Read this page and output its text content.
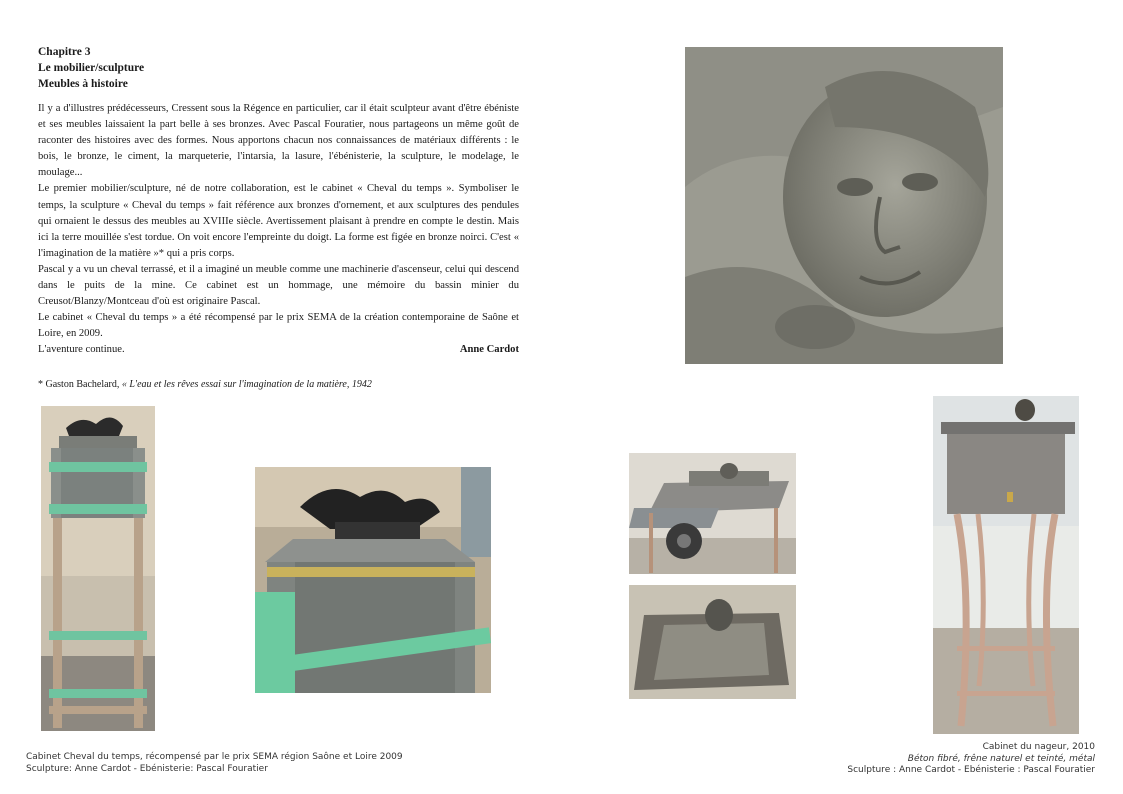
Chapitre 3
Le mobilier/sculpture
Meubles à histoire

Il y a d'illustres prédécesseurs, Cressent sous la Régence en particulier, car il était sculpteur avant d'être ébéniste et ses meubles laissaient la part belle à ses bronzes. Avec Pascal Fouratier, nous partageons un même goût de raconter des histoires avec des formes. Nous apportons chacun nos connaissances de matériaux différents : le bois, le bronze, le ciment, la marqueterie, l'intarsia, la lasure, l'ébénisterie, la sculpture, le modelage, le moulage...

Le premier mobilier/sculpture, né de notre collaboration, est le cabinet « Cheval du temps ». Symboliser le temps, la sculpture « Cheval du temps » fait référence aux bronzes d'ornement, et aux sculptures des pendules qui ornaient le dessus des meubles au XVIIIe siècle. Avertissement plaisant à prendre en compte le destin. Mais ici la terre mouillée s'est tordue. On voit encore l'empreinte du doigt. La forme est figée en bronze noirci. C'est « l'imagination de la matière »* qui a pris corps.

Pascal y a vu un cheval terrassé, et il a imaginé un meuble comme une machinerie d'ascenseur, celui qui descend dans le puits de la mine. Ce cabinet est un hommage, une mémoire du bassin minier du Creusot/Blanzy/Montceau d'où est originaire Pascal.

Le cabinet « Cheval du temps » a été récompensé par le prix SEMA de la création contemporaine de Saône et Loire, en 2009.

L'aventure continue.	Anne Cardot
* Gaston Bachelard, « L'eau et les rêves essai sur l'imagination de la matière, 1942
Cabinet Cheval du temps, récompensé par le prix SEMA région Saône et Loire 2009
Sculpture: Anne Cardot - Ebénisterie: Pascal Fouratier
Cabinet du nageur, 2010
Béton fibré, frêne naturel et teinté, métal
Sculpture : Anne Cardot - Ebénisterie : Pascal Fouratier
